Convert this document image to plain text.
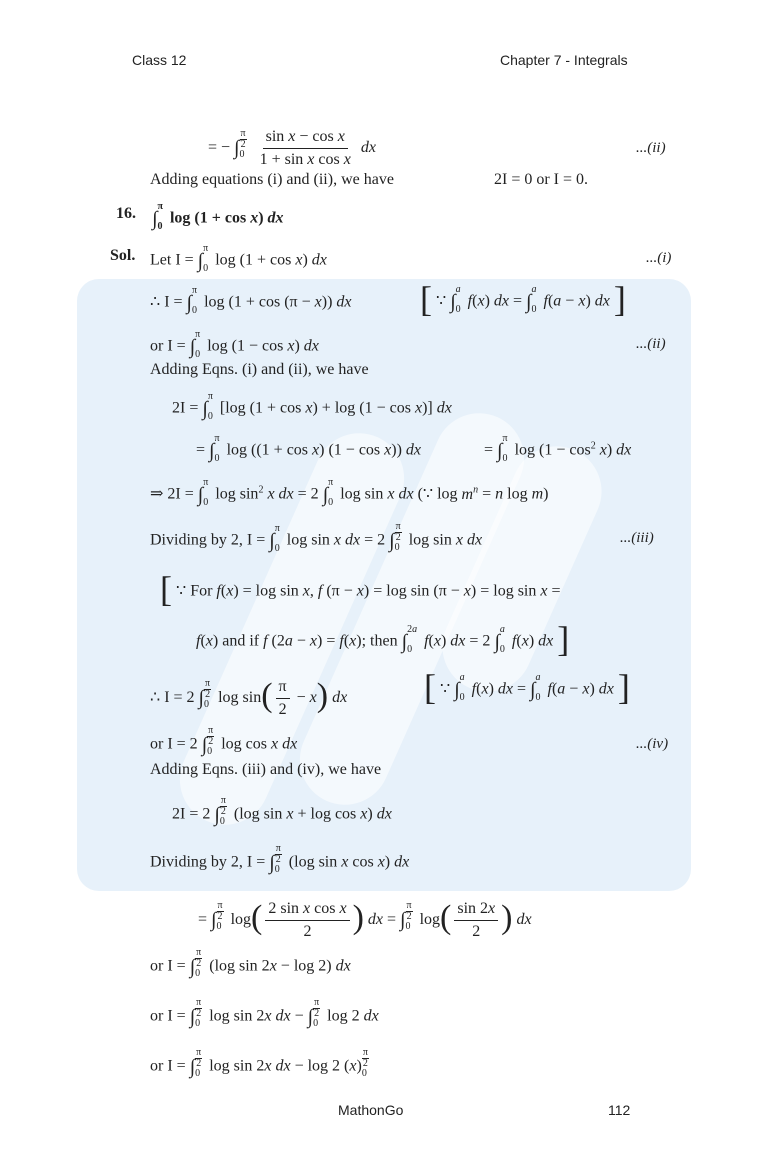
Class 12	Chapter 7 - Integrals
= − ∫
π
2
0
$\frac{\text{sin x − cos x}}{\text{1 + sin x cos x}}$ dx	...(ii)
Adding equations (i) and (ii), we have	2I = 0 or I = 0.
16. ∫
π
0 log (1 + cos x) dx
Sol. Let I = ∫
π
0 log (1 + cos x) dx	...(i)
∴ I = ∫
π
0 log (1 + cos (π − x)) dx [ ∵ ∫
a
0 f(x) dx = ∫
a
0 f(a − x) dx ]
or I = ∫
π
0 log (1 − cos x) dx	...(ii)
Adding Eqns. (i) and (ii), we have
2I = ∫
π
0 [log (1 + cos x) + log (1 − cos x)] dx
= ∫
π
0 log ((1 + cos x) (1 − cos x)) dx	= ∫
π
0 $\log (1 - \cos^2 x)$ dx
⇒ 2I = ∫
π
0 $\log \sin^2 x$ dx = 2 ∫
π
0 log sin x dx (∵ $\log m^n = n$ log m)
Dividing by 2, I = ∫
π
0 log sin x dx = 2 ∫
π
2
0 log sin x dx	...(iii)
[ ∵ For f(x) = log sin x, f (π − x) = log sin (π − x) = log sin x =
f(x) and if f (2a − x) = f(x); then ∫
2a
0 f(x) dx = 2 ∫
a
0 f(x) dx ]
∴ I = 2 ∫
π
2
0 $\log \sin( \frac{\pi}{2} - x)$ dx [ ∵ ∫
a
0 f(x) dx = ∫
a
0 f(a − x) dx ]
or I = 2 ∫
π
2
0 log cos x dx	...(iv)
Adding Eqns. (iii) and (iv), we have
2I = 2 ∫
π
2
0 (log sin x + log cos x) dx
Dividing by 2, I = ∫
π
2
0 (log sin x cos x) dx
= ∫
π
2
0 $\log( \frac{\text{2 sin x cos x}}{2}$ ) dx = ∫
π
2
0 $\log( \frac{\sin 2x}{2}$ ) dx
or I = ∫
π
2
0 (log sin 2x − log 2) dx
or I = ∫
π
2
0 log sin 2x dx − ∫
π
2
0 log 2 dx
or I = ∫
π
2
0 log sin 2x dx − log 2 (x)
π
2
0
MathonGo	112
